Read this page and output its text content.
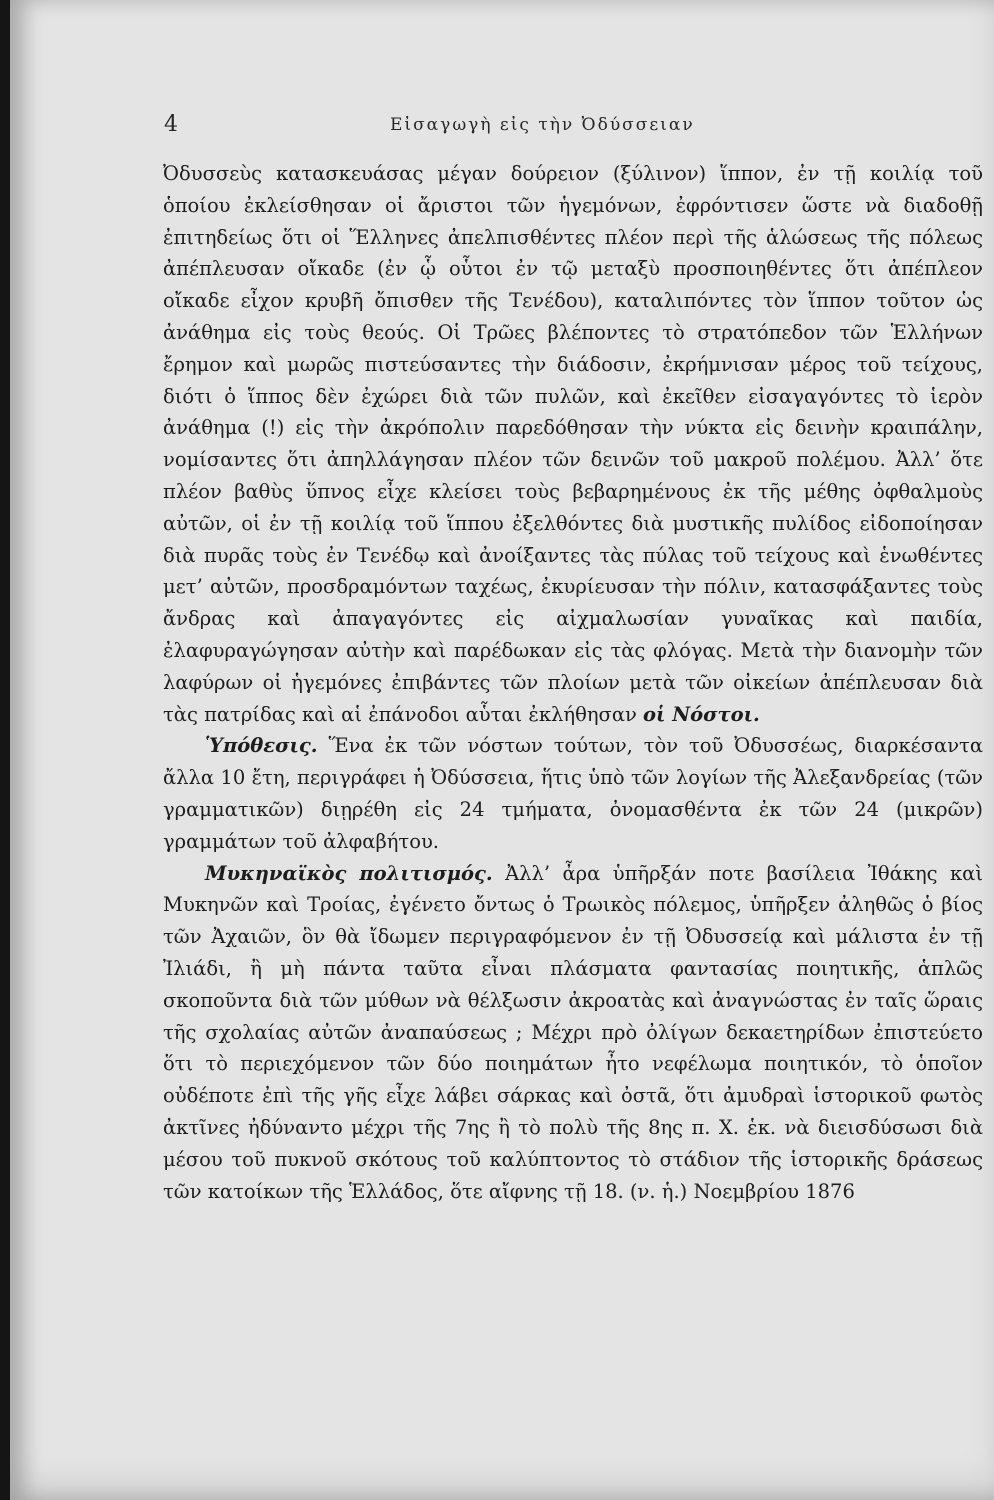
4	Εἰσαγωγὴ εἰς τὴν Ὀδύσσειαν

Ὀδυσσεὺς κατασκευάσας μέγαν δούρειον (ξύλινον) ἵππον, ἐν τῇ κοιλίᾳ τοῦ ὁποίου ἐκλείσθησαν οἱ ἄριστοι τῶν ἡγεμόνων, ἐφρόντισεν ὥστε νὰ διαδοθῇ ἐπιτηδείως ὅτι οἱ Ἕλληνες ἀπελπισθέντες πλέον περὶ τῆς ἁλώσεως τῆς πόλεως ἀπέπλευσαν οἴκαδε (ἐν ᾧ οὗτοι ἐν τῷ μεταξὺ προσποιηθέντες ὅτι ἀπέπλεον οἴκαδε εἶχον κρυβῆ ὄπισθεν τῆς Τενέδου), καταλιπόντες τὸν ἵππον τοῦτον ὡς ἀνάθημα εἰς τοὺς θεούς. Οἱ Τρῶες βλέποντες τὸ στρατόπεδον τῶν Ἑλλήνων ἔρημον καὶ μωρῶς πιστεύσαντες τὴν διάδοσιν, ἐκρήμνισαν μέρος τοῦ τείχους, διότι ὁ ἵππος δὲν ἐχώρει διὰ τῶν πυλῶν, καὶ ἐκεῖθεν εἰσαγαγόντες τὸ ἱερὸν ἀνάθημα (!) εἰς τὴν ἀκρόπολιν παρεδόθησαν τὴν νύκτα εἰς δεινὴν κραιπάλην, νομίσαντες ὅτι ἀπηλλάγησαν πλέον τῶν δεινῶν τοῦ μακροῦ πολέμου. Ἀλλ’ ὅτε πλέον βαθὺς ὕπνος εἶχε κλείσει τοὺς βεβαρημένους ἐκ τῆς μέθης ὀφθαλμοὺς αὐτῶν, οἱ ἐν τῇ κοιλίᾳ τοῦ ἵππου ἐξελθόντες διὰ μυστικῆς πυλίδος εἰδοποίησαν διὰ πυρᾶς τοὺς ἐν Τενέδῳ καὶ ἀνοίξαντες τὰς πύλας τοῦ τείχους καὶ ἑνωθέντες μετ’ αὐτῶν, προσδραμόντων ταχέως, ἐκυρίευσαν τὴν πόλιν, κατασφάξαντες τοὺς ἄνδρας καὶ ἀπαγαγόντες εἰς αἰχμαλωσίαν γυναῖκας καὶ παιδία, ἐλαφυραγώγησαν αὐτὴν καὶ παρέδωκαν εἰς τὰς φλόγας. Μετὰ τὴν διανομὴν τῶν λαφύρων οἱ ἡγεμόνες ἐπιβάντες τῶν πλοίων μετὰ τῶν οἰκείων ἀπέπλευσαν διὰ τὰς πατρίδας καὶ αἱ ἐπάνοδοι αὗται ἐκλήθησαν οἱ Νόστοι.

Ὑπόθεσις. Ἕνα ἐκ τῶν νόστων τούτων, τὸν τοῦ Ὀδυσσέως, διαρκέσαντα ἄλλα 10 ἔτη, περιγράφει ἡ Ὀδύσσεια, ἥτις ὑπὸ τῶν λογίων τῆς Ἀλεξανδρείας (τῶν γραμματικῶν) διῃρέθη εἰς 24 τμήματα, ὀνομασθέντα ἐκ τῶν 24 (μικρῶν) γραμμάτων τοῦ ἀλφαβήτου.

Μυκηναϊκὸς πολιτισμός. Ἀλλ’ ἆρα ὑπῆρξάν ποτε βασίλεια Ἰθάκης καὶ Μυκηνῶν καὶ Τροίας, ἐγένετο ὄντως ὁ Τρωικὸς πόλεμος, ὑπῆρξεν ἀληθῶς ὁ βίος τῶν Ἀχαιῶν, ὃν θὰ ἴδωμεν περιγραφόμενον ἐν τῇ Ὀδυσσείᾳ καὶ μάλιστα ἐν τῇ Ἰλιάδι, ἢ μὴ πάντα ταῦτα εἶναι πλάσματα φαντασίας ποιητικῆς, ἁπλῶς σκοποῦντα διὰ τῶν μύθων νὰ θέλξωσιν ἀκροατὰς καὶ ἀναγνώστας ἐν ταῖς ὥραις τῆς σχολαίας αὐτῶν ἀναπαύσεως ; Μέχρι πρὸ ὀλίγων δεκαετηρίδων ἐπιστεύετο ὅτι τὸ περιεχόμενον τῶν δύο ποιημάτων ἦτο νεφέλωμα ποιητικόν, τὸ ὁποῖον οὐδέποτε ἐπὶ τῆς γῆς εἶχε λάβει σάρκας καὶ ὀστᾶ, ὅτι ἀμυδραὶ ἱστορικοῦ φωτὸς ἀκτῖνες ἠδύναντο μέχρι τῆς 7ης ἢ τὸ πολὺ τῆς 8ης π. Χ. ἑκ. νὰ διεισδύσωσι διὰ μέσου τοῦ πυκνοῦ σκότους τοῦ καλύπτοντος τὸ στάδιον τῆς ἱστορικῆς δράσεως τῶν κατοίκων τῆς Ἑλλάδος, ὅτε αἴφνης τῇ 18. (ν. ἡ.) Νοεμβρίου 1876
